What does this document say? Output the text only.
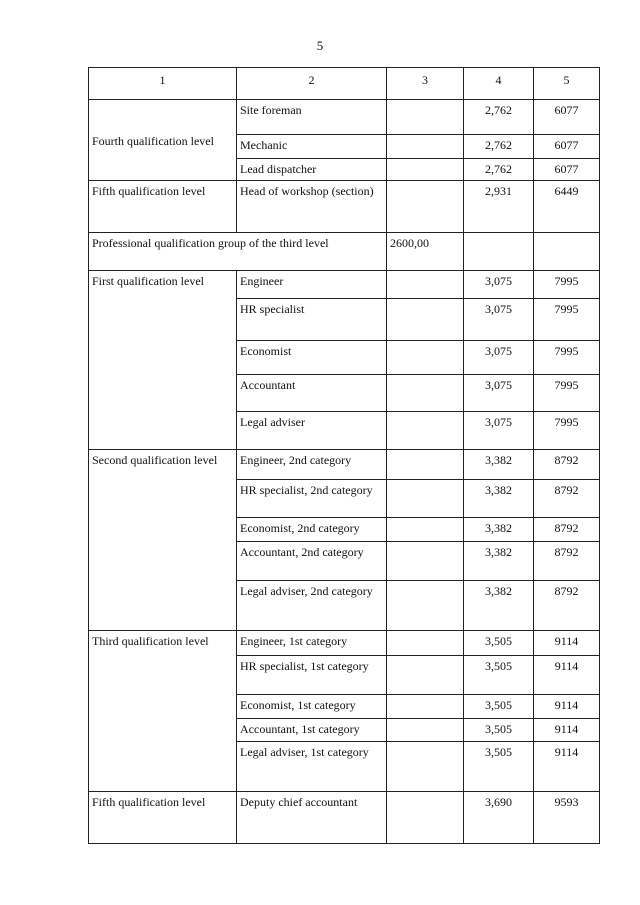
5
1	2	3	4	5
Fourth qualification level	Site foreman		2,762	6077
	Mechanic		2,762	6077
	Lead dispatcher		2,762	6077
Fifth qualification level	Head of workshop (section)		2,931	6449
Professional qualification group of the third level		2600,00		
First qualification level	Engineer		3,075	7995
	HR specialist		3,075	7995
	Economist		3,075	7995
	Accountant		3,075	7995
	Legal adviser		3,075	7995
Second qualification level	Engineer, 2nd category		3,382	8792
	HR specialist, 2nd category		3,382	8792
	Economist, 2nd category		3,382	8792
	Accountant, 2nd category		3,382	8792
	Legal adviser, 2nd category		3,382	8792
Third qualification level	Engineer, 1st category		3,505	9114
	HR specialist, 1st category		3,505	9114
	Economist, 1st category		3,505	9114
	Accountant, 1st category		3,505	9114
	Legal adviser, 1st category		3,505	9114
Fifth qualification level	Deputy chief accountant		3,690	9593
